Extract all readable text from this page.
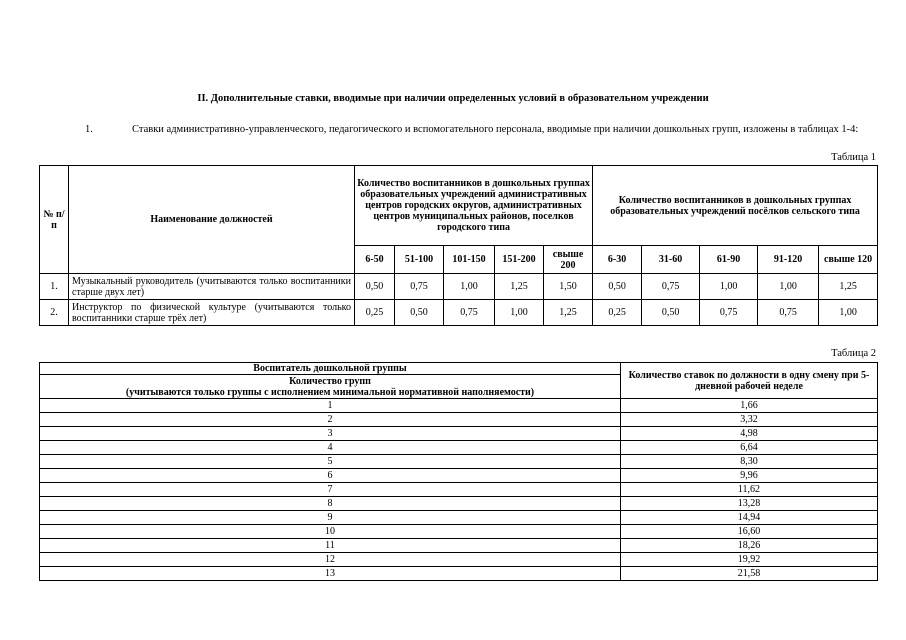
II. Дополнительные ставки, вводимые при наличии определенных условий в образовательном учреждении
1.	Ставки административно-управленческого, педагогического и вспомогательного персонала, вводимые при наличии дошкольных групп, изложены в таблицах 1-4:
Таблица 1
№ п/п	Наименование должностей	Количество воспитанников в дошкольных группах образовательных учреждений административных центров городских округов, административных центров муниципальных районов, поселков городского типа					Количество воспитанников в дошкольных группах образовательных учреждений посёлков сельского типа				
		6-50	51-100	101-150	151-200	свыше 200	6-30	31-60	61-90	91-120	свыше 120
1.	Музыкальный руководитель (учитываются только воспитанники старше двух лет)	0,50	0,75	1,00	1,25	1,50	0,50	0,75	1,00	1,00	1,25
2.	Инструктор по физической культуре (учитываются только воспитанники старше трёх лет)	0,25	0,50	0,75	1,00	1,25	0,25	0,50	0,75	0,75	1,00
Таблица 2
Воспитатель дошкольной группы	Количество ставок по должности в одну смену при 5-дневной рабочей неделе
Количество групп
(учитываются только группы с исполнением минимальной нормативной наполняемости)	
1	1,66
2	3,32
3	4,98
4	6,64
5	8,30
6	9,96
7	11,62
8	13,28
9	14,94
10	16,60
11	18,26
12	19,92
13	21,58
